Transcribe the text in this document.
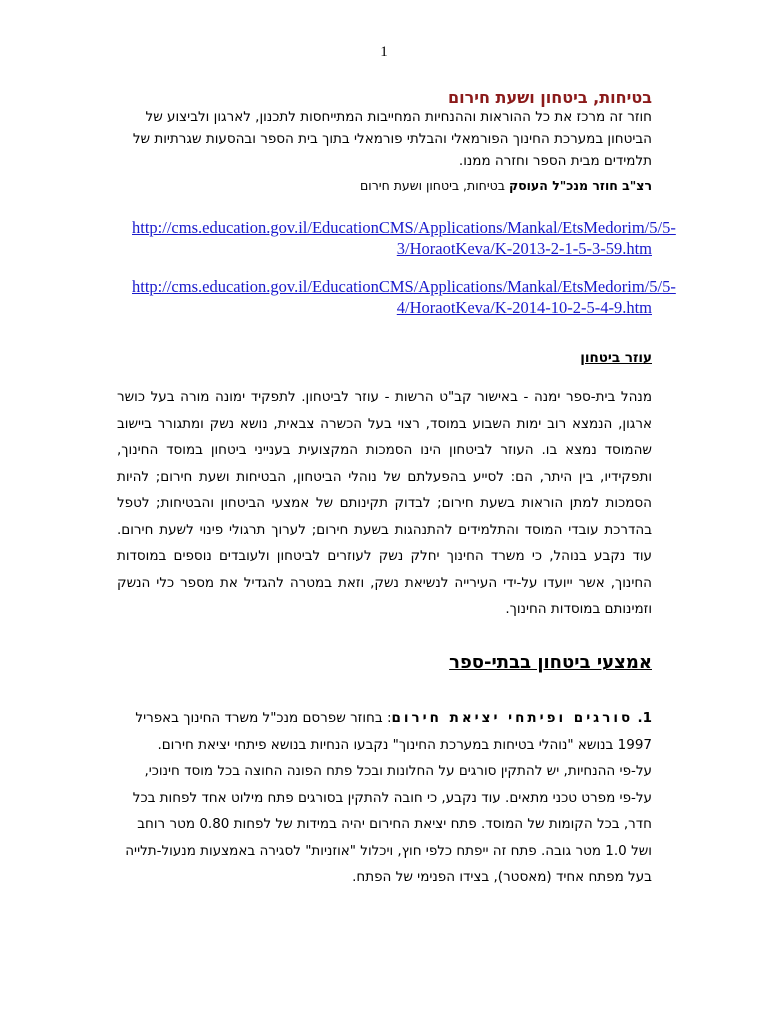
1
בטיחות, ביטחון ושעת חירום
חוזר זה מרכז את כל ההוראות וההנחיות המחייבות המתייחסות לתכנון, לארגון ולביצוע של הביטחון במערכת החינוך הפורמאלי והבלתי פורמאלי בתוך בית הספר ובהסעות שגרתיות של תלמידים מבית הספר וחזרה ממנו.
רצ"ב חוזר מנכ"ל העוסק בטיחות, ביטחון ושעת חירום
http://cms.education.gov.il/EducationCMS/Applications/Mankal/EtsMedorim/5/5-3/HoraotKeva/K-2013-2-1-5-3-59.htm
http://cms.education.gov.il/EducationCMS/Applications/Mankal/EtsMedorim/5/5-4/HoraotKeva/K-2014-10-2-5-4-9.htm
עוזר ביטחון
מנהל בית-ספר ימנה - באישור קב"ט הרשות - עוזר לביטחון. לתפקיד ימונה מורה בעל כושר ארגון, הנמצא רוב ימות השבוע במוסד, רצוי בעל הכשרה צבאית, נושא נשק ומתגורר ביישוב שהמוסד נמצא בו. העוזר לביטחון הינו הסמכות המקצועית בענייני ביטחון במוסד החינוך, ותפקידיו, בין היתר, הם: לסייע בהפעלתם של נוהלי הביטחון, הבטיחות ושעת חירום; להיות הסמכות למתן הוראות בשעת חירום; לבדוק תקינותם של אמצעי הביטחון והבטיחות; לטפל בהדרכת עובדי המוסד והתלמידים להתנהגות בשעת חירום; לערוך תרגולי פינוי לשעת חירום. עוד נקבע בנוהל, כי משרד החינוך יחלק נשק לעוזרים לביטחון ולעובדים נוספים במוסדות החינוך, אשר ייועדו על-ידי העירייה לנשיאת נשק, וזאת במטרה להגדיל את מספר כלי הנשק וזמינותם במוסדות החינוך.
אמצעי ביטחון בבתי-ספר
1. סורגים ופיתחי יציאת חירום: בחוזר שפרסם מנכ"ל משרד החינוך באפריל 1997 בנושא "נוהלי בטיחות במערכת החינוך" נקבעו הנחיות בנושא פיתחי יציאת חירום. על-פי ההנחיות, יש להתקין סורגים על החלונות ובכל פתח הפונה החוצה בכל מוסד חינוכי, על-פי מפרט טכני מתאים. עוד נקבע, כי חובה להתקין בסורגים פתח מילוט אחד לפחות בכל חדר, בכל הקומות של המוסד. פתח יציאת החירום יהיה במידות של לפחות 0.80 מטר רוחב ושל 1.0 מטר גובה. פתח זה ייפתח כלפי חוץ, ויכלול "אוזניות" לסגירה באמצעות מנעול-תלייה בעל מפתח אחיד (מאסטר), בצידו הפנימי של הפתח.
